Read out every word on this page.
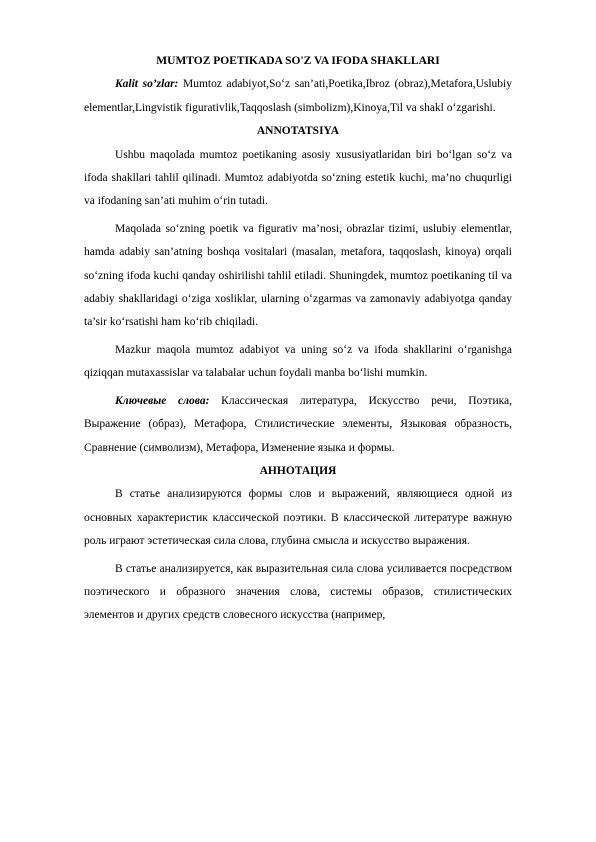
MUMTOZ POETIKADA SO'Z VA IFODA SHAKLLARI

Kalit so’zlar: Mumtoz adabiyot,So‘z san’ati,Poetika,Ibroz (obraz),Metafora,Uslubiy elementlar,Lingvistik figurativlik,Taqqoslash (simbolizm),Kinoya,Til va shakl o‘zgarishi.

ANNOTATSIYA

Ushbu maqolada mumtoz poetikaning asosiy xususiyatlaridan biri bo‘lgan so‘z va ifoda shakllari tahlil qilinadi. Mumtoz adabiyotda so‘zning estetik kuchi, ma’no chuqurligi va ifodaning san’ati muhim o‘rin tutadi.

Maqolada so‘zning poetik va figurativ ma’nosi, obrazlar tizimi, uslubiy elementlar, hamda adabiy san’atning boshqa vositalari (masalan, metafora, taqqoslash, kinoya) orqali so‘zning ifoda kuchi qanday oshirilishi tahlil etiladi. Shuningdek, mumtoz poetikaning til va adabiy shakllaridagi o‘ziga xosliklar, ularning o‘zgarmas va zamonaviy adabiyotga qanday ta’sir ko‘rsatishi ham ko‘rib chiqiladi.

Mazkur maqola mumtoz adabiyot va uning so‘z va ifoda shakllarini o‘rganishga qiziqqan mutaxassislar va talabalar uchun foydali manba bo‘lishi mumkin.

Ключевые слова: Классическая литература, Искусство речи, Поэтика, Выражение (образ), Метафора, Стилистические элементы, Языковая образность, Сравнение (символизм), Метафора, Изменение языка и формы.

АННОТАЦИЯ

В статье анализируются формы слов и выражений, являющиеся одной из основных характеристик классической поэтики. В классической литературе важную роль играют эстетическая сила слова, глубина смысла и искусство выражения.

В статье анализируется, как выразительная сила слова усиливается посредством поэтического и образного значения слова, системы образов, стилистических элементов и других средств словесного искусства (например,
